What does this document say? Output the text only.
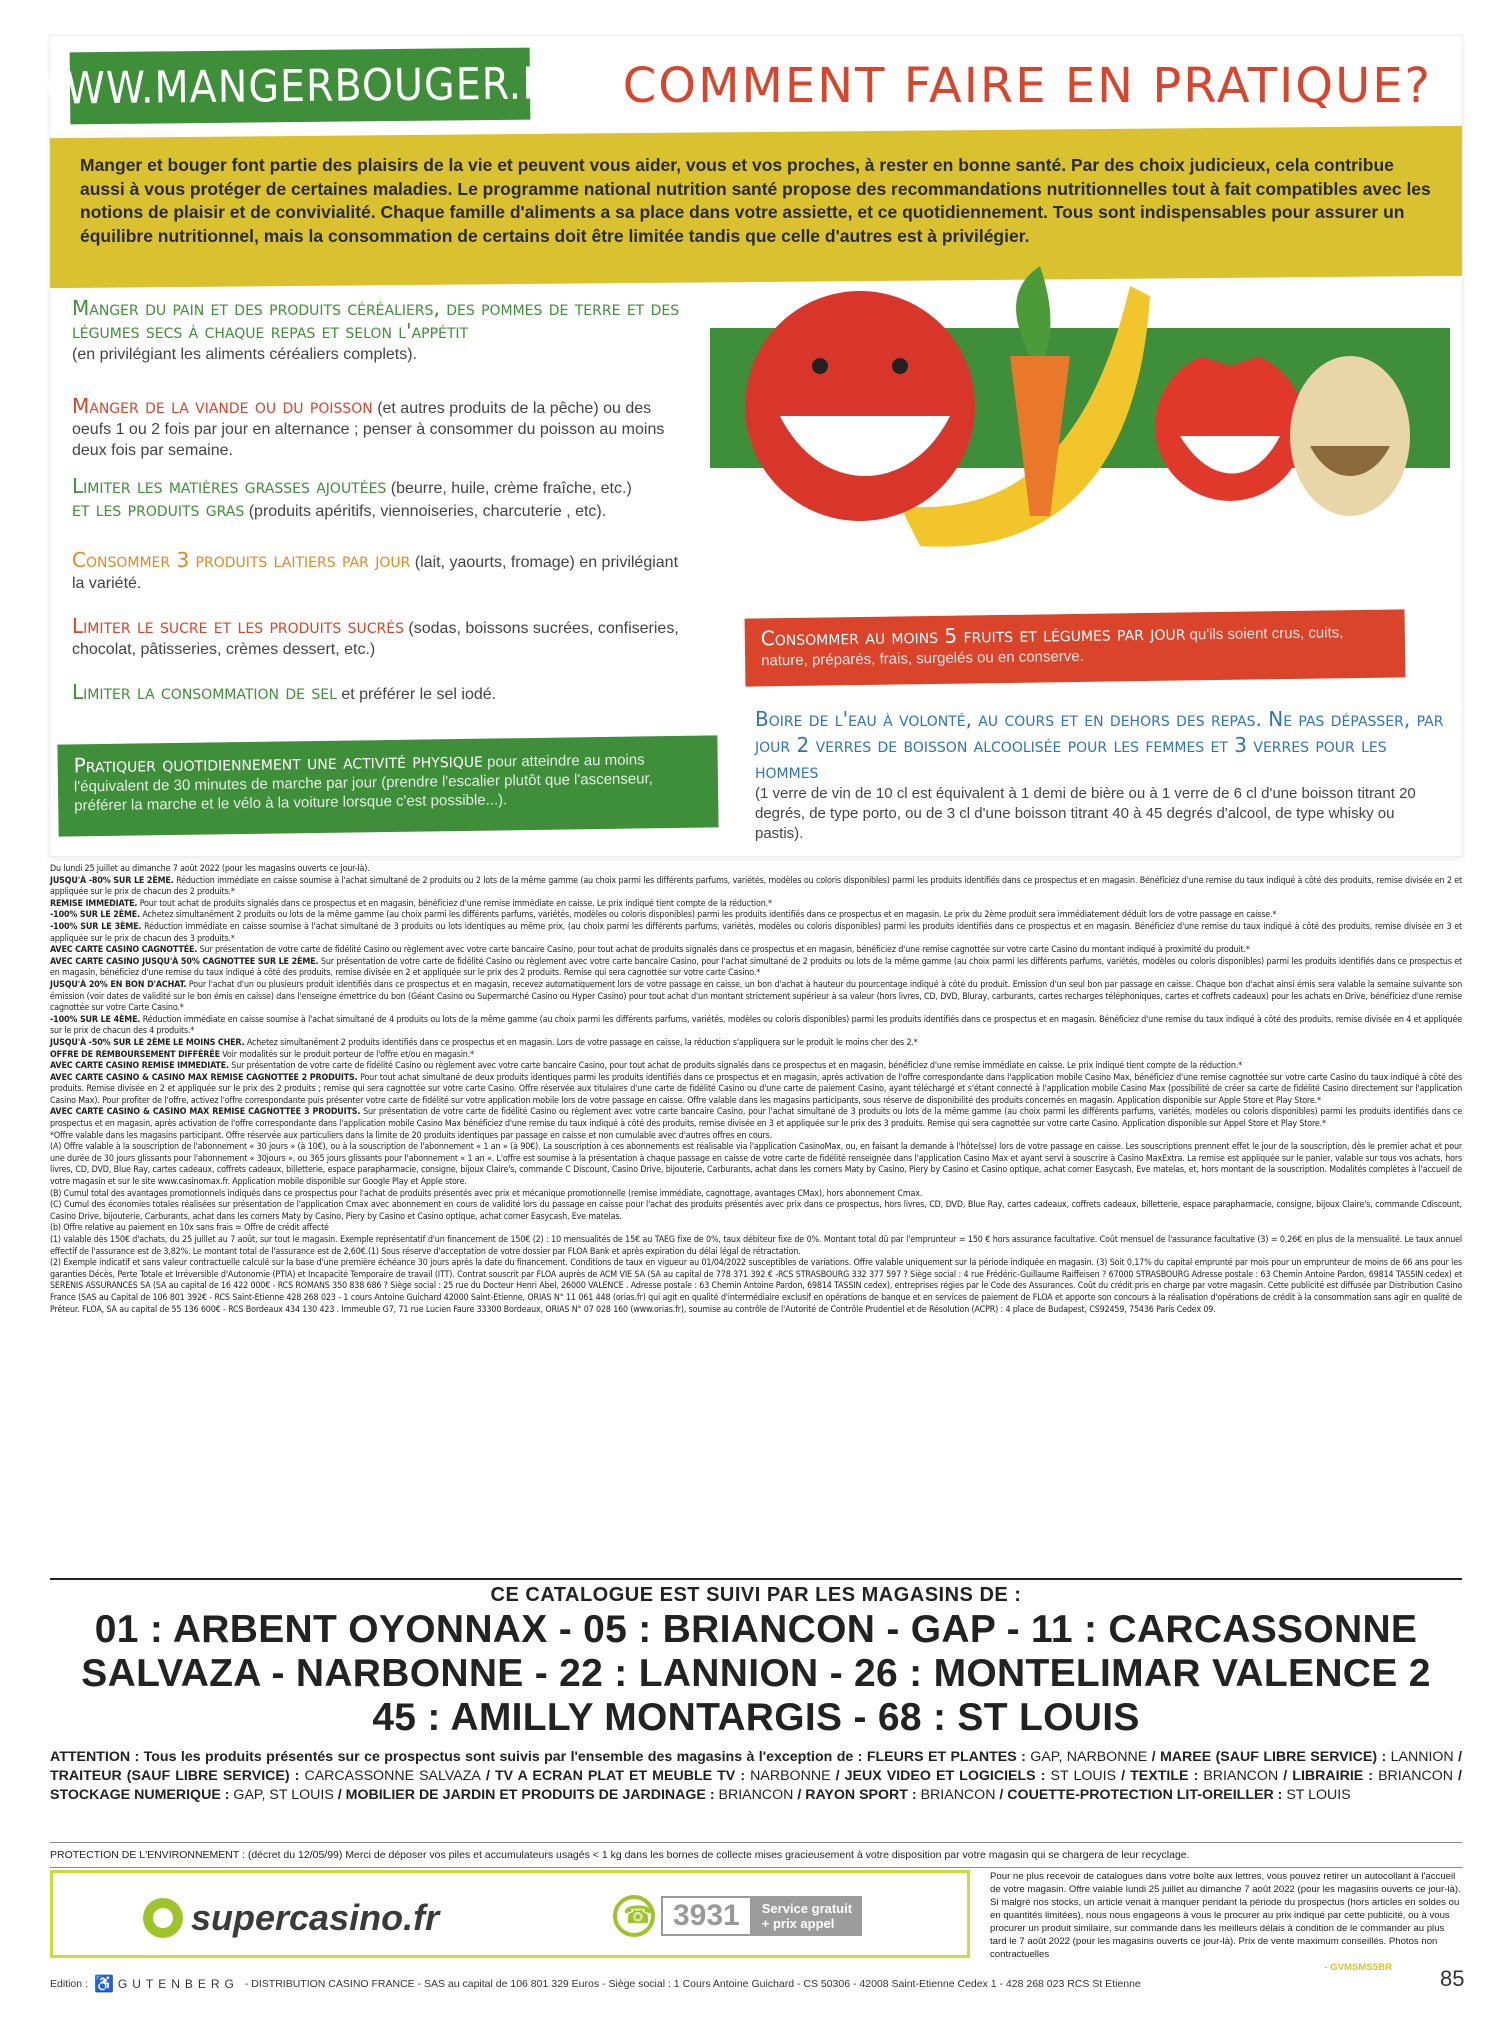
WWW.MANGERBOUGER.FR COMMENT FAIRE EN PRATIQUE?
Manger et bouger font partie des plaisirs de la vie et peuvent vous aider, vous et vos proches, à rester en bonne santé. Par des choix judicieux, cela contribue aussi à vous protéger de certaines maladies. Le programme national nutrition santé propose des recommandations nutritionnelles tout à fait compatibles avec les notions de plaisir et de convivialité. Chaque famille d'aliments a sa place dans votre assiette, et ce quotidiennement. Tous sont indispensables pour assurer un équilibre nutritionnel, mais la consommation de certains doit être limitée tandis que celle d'autres est à privilégier.
Manger du pain et des produits céréaliers, des pommes de terre et des légumes secs à chaque repas et selon l'appétit
(en privilégiant les aliments céréaliers complets).
Manger de la viande ou du poisson (et autres produits de la pêche) ou des oeufs 1 ou 2 fois par jour en alternance ; penser à consommer du poisson au moins deux fois par semaine.
Limiter les matières grasses ajoutées (beurre, huile, crème fraîche, etc.)
et les produits gras (produits apéritifs, viennoiseries, charcuterie , etc).
Consommer 3 produits laitiers par jour (lait, yaourts, fromage) en privilégiant la variété.
Limiter le sucre et les produits sucrés (sodas, boissons sucrées, confiseries, chocolat, pâtisseries, crèmes dessert, etc.)
Limiter la consommation de sel et préférer le sel iodé.
Pratiquer quotidiennement une activité physique pour atteindre au moins l'équivalent de 30 minutes de marche par jour (prendre l'escalier plutôt que l'ascenseur, préférer la marche et le vélo à la voiture lorsque c'est possible...).
Consommer au moins 5 fruits et légumes par jour qu'ils soient crus, cuits, nature, préparés, frais, surgelés ou en conserve.
Boire de l'eau à volonté, au cours et en dehors des repas. Ne pas dépasser, par jour 2 verres de boisson alcoolisée pour les femmes et 3 verres pour les hommes
(1 verre de vin de 10 cl est équivalent à 1 demi de bière ou à 1 verre de 6 cl d'une boisson titrant 20 degrés, de type porto, ou de 3 cl d'une boisson titrant 40 à 45 degrés d'alcool, de type whisky ou pastis).

Du lundi 25 juillet au dimanche 7 août 2022 (pour les magasins ouverts ce jour-là).

JUSQU'À -80% SUR LE 2ÈME. Réduction immédiate en caisse soumise à l'achat simultané de 2 produits ou 2 lots de la même gamme (au choix parmi les différents parfums, variétés, modèles ou coloris disponibles) parmi les produits identifiés dans ce prospectus et en magasin. Bénéficiez d'une remise du taux indiqué à côté des produits, remise divisée en 2 et appliquée sur le prix de chacun des 2 produits.*

REMISE IMMEDIATE. Pour tout achat de produits signalés dans ce prospectus et en magasin, bénéficiez d'une remise immédiate en caisse. Le prix indiqué tient compte de la réduction.*

-100% SUR LE 2ÈME. Achetez simultanément 2 produits ou lots de la même gamme (au choix parmi les différents parfums, variétés, modèles ou coloris disponibles) parmi les produits identifiés dans ce prospectus et en magasin. Le prix du 2ème produit sera immédiatement déduit lors de votre passage en caisse.*

-100% SUR LE 3ÈME. Réduction immédiate en caisse soumise à l'achat simultané de 3 produits ou lots identiques au même prix, (au choix parmi les différents parfums, variétés, modèles ou coloris disponibles) parmi les produits identifiés dans ce prospectus et en magasin. Bénéficiez d'une remise du taux indiqué à côté des produits, remise divisée en 3 et appliquée sur le prix de chacun des 3 produits.*

AVEC CARTE CASINO CAGNOTTÉE. Sur présentation de votre carte de fidélité Casino ou règlement avec votre carte bancaire Casino, pour tout achat de produits signalés dans ce prospectus et en magasin, bénéficiez d'une remise cagnottée sur votre carte Casino du montant indiqué à proximité du produit.*

AVEC CARTE CASINO JUSQU'À 50% CAGNOTTEE SUR LE 2ÈME. Sur présentation de votre carte de fidélité Casino ou règlement avec votre carte bancaire Casino, pour l'achat simultané de 2 produits ou lots de la même gamme (au choix parmi les différents parfums, variétés, modèles ou coloris disponibles) parmi les produits identifiés dans ce prospectus et en magasin, bénéficiez d'une remise du taux indiqué à côté des produits, remise divisée en 2 et appliquée sur le prix des 2 produits. Remise qui sera cagnottée sur votre carte Casino.*

JUSQU'À 20% EN BON D'ACHAT. Pour l'achat d'un ou plusieurs produit identifiés dans ce prospectus et en magasin, recevez automatiquement lors de votre passage en caisse, un bon d'achat à hauteur du pourcentage indiqué à côté du produit. Emission d'un seul bon par passage en caisse. Chaque bon d'achat ainsi émis sera valable la semaine suivante son émission (voir dates de validité sur le bon émis en caisse) dans l'enseigne émettrice du bon (Géant Casino ou Supermarché Casino ou Hyper Casino) pour tout achat d'un montant strictement supérieur à sa valeur (hors livres, CD, DVD, Bluray, carburants, cartes recharges téléphoniques, cartes et coffrets cadeaux) pour les achats en Drive, bénéficiez d'une remise cagnottée sur votre Carte Casino.*

-100% SUR LE 4ÈME. Réduction immédiate en caisse soumise à l'achat simultané de 4 produits ou lots de la même gamme (au choix parmi les différents parfums, variétés, modèles ou coloris disponibles) parmi les produits identifiés dans ce prospectus et en magasin. Bénéficiez d'une remise du taux indiqué à côté des produits, remise divisée en 4 et appliquée sur le prix de chacun des 4 produits.*

JUSQU'À -50% SUR LE 2ÈME LE MOINS CHER. Achetez simultanément 2 produits identifiés dans ce prospectus et en magasin. Lors de votre passage en caisse, la réduction s'appliquera sur le produit le moins cher des 2.*

OFFRE DE REMBOURSEMENT DIFFÉRÉE Voir modalités sur le produit porteur de l'offre et/ou en magasin.*

AVEC CARTE CASINO REMISE IMMEDIATE. Sur présentation de votre carte de fidélité Casino ou règlement avec votre carte bancaire Casino, pour tout achat de produits signalés dans ce prospectus et en magasin, bénéficiez d'une remise immédiate en caisse. Le prix indiqué tient compte de la réduction.*

AVEC CARTE CASINO & CASINO MAX REMISE CAGNOTTEE 2 PRODUITS. Pour tout achat simultané de deux produits identiques parmi les produits identifiés dans ce prospectus et en magasin, après activation de l'offre correspondante dans l'application mobile Casino Max, bénéficiez d'une remise cagnottée sur votre carte Casino du taux indiqué à côté des produits. Remise divisée en 2 et appliquée sur le prix des 2 produits ; remise qui sera cagnottée sur votre carte Casino. Offre réservée aux titulaires d'une carte de fidélité Casino ou d'une carte de paiement Casino, ayant téléchargé et s'étant connecté à l'application mobile Casino Max (possibilité de créer sa carte de fidélité Casino directement sur l'application Casino Max). Pour profiter de l'offre, activez l'offre correspondante puis présenter votre carte de fidélité sur votre application mobile lors de votre passage en caisse. Offre valable dans les magasins participants, sous réserve de disponibilité des produits concernés en magasin. Application disponible sur Apple Store et Play Store.*

AVEC CARTE CASINO & CASINO MAX REMISE CAGNOTTEE 3 PRODUITS. Sur présentation de votre carte de fidélité Casino ou règlement avec votre carte bancaire Casino, pour l'achat simultané de 3 produits ou lots de la même gamme (au choix parmi les différents parfums, variétés, modèles ou coloris disponibles) parmi les produits identifiés dans ce prospectus et en magasin, après activation de l'offre correspondante dans l'application mobile Casino Max bénéficiez d'une remise du taux indiqué à côté des produits, remise divisée en 3 et appliquée sur le prix des 3 produits. Remise qui sera cagnottée sur votre carte Casino. Application disponible sur Appel Store et Play Store.*

*Offre valable dans les magasins participant. Offre réservée aux particuliers dans la limite de 20 produits identiques par passage en caisse et non cumulable avec d'autres offres en cours.

(A) Offre valable à la souscription de l'abonnement « 30 jours » (à 10€), ou à la souscription de l'abonnement « 1 an » (à 90€). La souscription à ces abonnements est réalisable via l'application CasinoMax, ou, en faisant la demande à l'hôte(sse) lors de votre passage en caisse. Les souscriptions prennent effet le jour de la souscription, dès le premier achat et pour une durée de 30 jours glissants pour l'abonnement « 30jours », ou 365 jours glissants pour l'abonnement « 1 an ». L'offre est soumise à la présentation à chaque passage en caisse de votre carte de fidélité renseignée dans l'application Casino Max et ayant servi à souscrire à Casino MaxExtra. La remise est appliquée sur le panier, valable sur tous vos achats, hors livres, CD, DVD, Blue Ray, cartes cadeaux, coffrets cadeaux, billetterie, espace parapharmacie, consigne, bijoux Claire's, commande C Discount, Casino Drive, bijouterie, Carburants, achat dans les corners Maty by Casino, Piery by Casino et Casino optique, achat corner Easycash, Eve matelas, et, hors montant de la souscription. Modalités complètes à l'accueil de votre magasin et sur le site www.casinomax.fr. Application mobile disponible sur Google Play et Apple store.

(B) Cumul total des avantages promotionnels indiqués dans ce prospectus pour l'achat de produits présentés avec prix et mécanique promotionnelle (remise immédiate, cagnottage, avantages CMax), hors abonnement Cmax.

(C) Cumul des économies totales réalisées sur présentation de l'application Cmax avec abonnement en cours de validité lors du passage en caisse pour l'achat des produits présentés avec prix dans ce prospectus, hors livres, CD, DVD, Blue Ray, cartes cadeaux, coffrets cadeaux, billetterie, espace parapharmacie, consigne, bijoux Claire's, commande Cdiscount, Casino Drive, bijouterie, Carburants, achat dans les corners Maty by Casino, Piery by Casino et Casino optique, achat corner Easycash, Eve matelas.

(b) Offre relative au paiement en 10x sans frais = Offre de crédit affecté

(1) valable dès 150€ d'achats, du 25 juillet au 7 août, sur tout le magasin. Exemple représentatif d'un financement de 150€ (2) : 10 mensualités de 15€ au TAEG fixe de 0%, taux débiteur fixe de 0%. Montant total dû par l'emprunteur = 150 € hors assurance facultative. Coût mensuel de l'assurance facultative (3) = 0,26€ en plus de la mensualité. Le taux annuel effectif de l'assurance est de 3,82%. Le montant total de l'assurance est de 2,60€.(1) Sous réserve d'acceptation de votre dossier par FLOA Bank et après expiration du délai légal de rétractation.

(2) Exemple indicatif et sans valeur contractuelle calculé sur la base d'une première échéance 30 jours après la date du financement. Conditions de taux en vigueur au 01/04/2022 susceptibles de variations. Offre valable uniquement sur la période indiquée en magasin. (3) Soit 0,17% du capital emprunté par mois pour un emprunteur de moins de 66 ans pour les garanties Décès, Perte Totale et Irréversible d'Autonomie (PTIA) et Incapacité Temporaire de travail (ITT). Contrat souscrit par FLOA auprès de ACM VIE SA (SA au capital de 778 371 392 € -RCS STRASBOURG 332 377 597 ? Siège social : 4 rue Frédéric-Guillaume Raiffeisen ? 67000 STRASBOURG Adresse postale : 63 Chemin Antoine Pardon, 69814 TASSIN cedex) et SERENIS ASSURANCES SA (SA au capital de 16 422 000€ - RCS ROMANS 350 838 686 ? Siège social : 25 rue du Docteur Henri Abel, 26000 VALENCE . Adresse postale : 63 Chemin Antoine Pardon, 69814 TASSIN cedex), entreprises régies par le Code des Assurances. Coût du crédit pris en charge par votre magasin. Cette publicité est diffusée par Distribution Casino France (SAS au Capital de 106 801 392€ - RCS Saint-Etienne 428 268 023 - 1 cours Antoine Guichard 42000 Saint-Etienne, ORIAS N° 11 061 448 (orias.fr) qui agit en qualité d'intermédiaire exclusif en opérations de banque et en services de paiement de FLOA et apporte son concours à la réalisation d'opérations de crédit à la consommation sans agir en qualité de Prêteur. FLOA, SA au capital de 55 136 600€ - RCS Bordeaux 434 130 423 . Immeuble G7, 71 rue Lucien Faure 33300 Bordeaux, ORIAS N° 07 028 160 (www.orias.fr), soumise au contrôle de l'Autorité de Contrôle Prudentiel et de Résolution (ACPR) : 4 place de Budapest, CS92459, 75436 Paris Cedex 09.

CE CATALOGUE EST SUIVI PAR LES MAGASINS DE :
01 : ARBENT OYONNAX - 05 : BRIANCON - GAP - 11 : CARCASSONNE
SALVAZA - NARBONNE - 22 : LANNION - 26 : MONTELIMAR VALENCE 2
45 : AMILLY MONTARGIS - 68 : ST LOUIS
ATTENTION : Tous les produits présentés sur ce prospectus sont suivis par l'ensemble des magasins à l'exception de : FLEURS ET PLANTES : GAP, NARBONNE / MAREE (SAUF LIBRE SERVICE) : LANNION / TRAITEUR (SAUF LIBRE SERVICE) : CARCASSONNE SALVAZA / TV A ECRAN PLAT ET MEUBLE TV : NARBONNE / JEUX VIDEO ET LOGICIELS : ST LOUIS / TEXTILE : BRIANCON / LIBRAIRIE : BRIANCON / STOCKAGE NUMERIQUE : GAP, ST LOUIS / MOBILIER DE JARDIN ET PRODUITS DE JARDINAGE : BRIANCON / RAYON SPORT : BRIANCON / COUETTE-PROTECTION LIT-OREILLER : ST LOUIS
PROTECTION DE L'ENVIRONNEMENT : (décret du 12/05/99) Merci de déposer vos piles et accumulateurs usagés < 1 kg dans les bornes de collecte mises gracieusement à votre disposition par votre magasin qui se chargera de leur recyclage.
supercasino.fr
☎	3931	Service gratuit
+ prix appel
Pour ne plus recevoir de catalogues dans votre boîte aux lettres, vous pouvez retirer un autocollant à l'accueil de votre magasin. Offre valable lundi 25 juillet au dimanche 7 août 2022 (pour les magasins ouverts ce jour-là). Si malgré nos stocks, un article venait à manquer pendant la période du prospectus (hors articles en soldes ou en quantités limitées), nous nous engageons à vous le procurer au prix indiqué par cette publicité, ou à vous procurer un produit similaire, sur commande dans les meilleurs délais à condition de le commander au plus tard le 7 août 2022 (pour les magasins ouverts ce jour-là). Prix de vente maximum conseillés. Photos non contractuelles
- GVMSMS5BR
Edition : ♿ GUTENBERG - DISTRIBUTION CASINO FRANCE - SAS au capital de 106 801 329 Euros - Siège social : 1 Cours Antoine Guichard - CS 50306 - 42008 Saint-Etienne Cedex 1 - 428 268 023 RCS St Etienne	85
